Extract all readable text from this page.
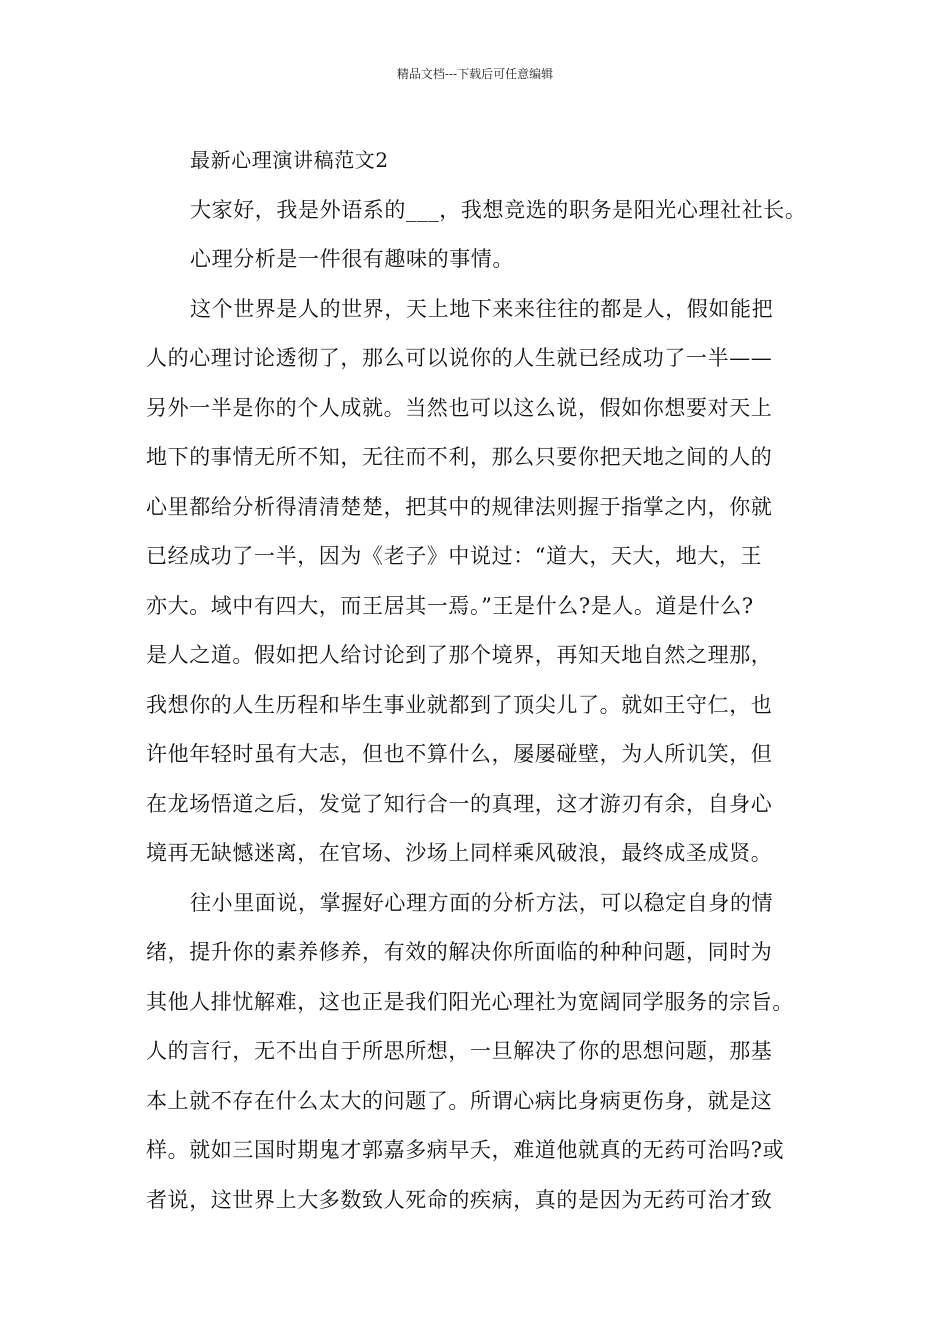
精品文档---下载后可任意编辑
最新心理演讲稿范文2
大家好，我是外语系的___，我想竞选的职务是阳光心理社社长。
心理分析是一件很有趣味的事情。
这个世界是人的世界，天上地下来来往往的都是人，假如能把
人的心理讨论透彻了，那么可以说你的人生就已经成功了一半——
另外一半是你的个人成就。当然也可以这么说，假如你想要对天上
地下的事情无所不知，无往而不利，那么只要你把天地之间的人的
心里都给分析得清清楚楚，把其中的规律法则握于指掌之内，你就
已经成功了一半，因为《老子》中说过：“道大，天大，地大，王
亦大。域中有四大，而王居其一焉。”王是什么?是人。道是什么?
是人之道。假如把人给讨论到了那个境界，再知天地自然之理那，
我想你的人生历程和毕生事业就都到了顶尖儿了。就如王守仁，也
许他年轻时虽有大志，但也不算什么，屡屡碰壁，为人所讥笑，但
在龙场悟道之后，发觉了知行合一的真理，这才游刃有余，自身心
境再无缺憾迷离，在官场、沙场上同样乘风破浪，最终成圣成贤。
往小里面说，掌握好心理方面的分析方法，可以稳定自身的情
绪，提升你的素养修养，有效的解决你所面临的种种问题，同时为
其他人排忧解难，这也正是我们阳光心理社为宽阔同学服务的宗旨。
人的言行，无不出自于所思所想，一旦解决了你的思想问题，那基
本上就不存在什么太大的问题了。所谓心病比身病更伤身，就是这
样。就如三国时期鬼才郭嘉多病早夭，难道他就真的无药可治吗?或
者说，这世界上大多数致人死命的疾病，真的是因为无药可治才致
